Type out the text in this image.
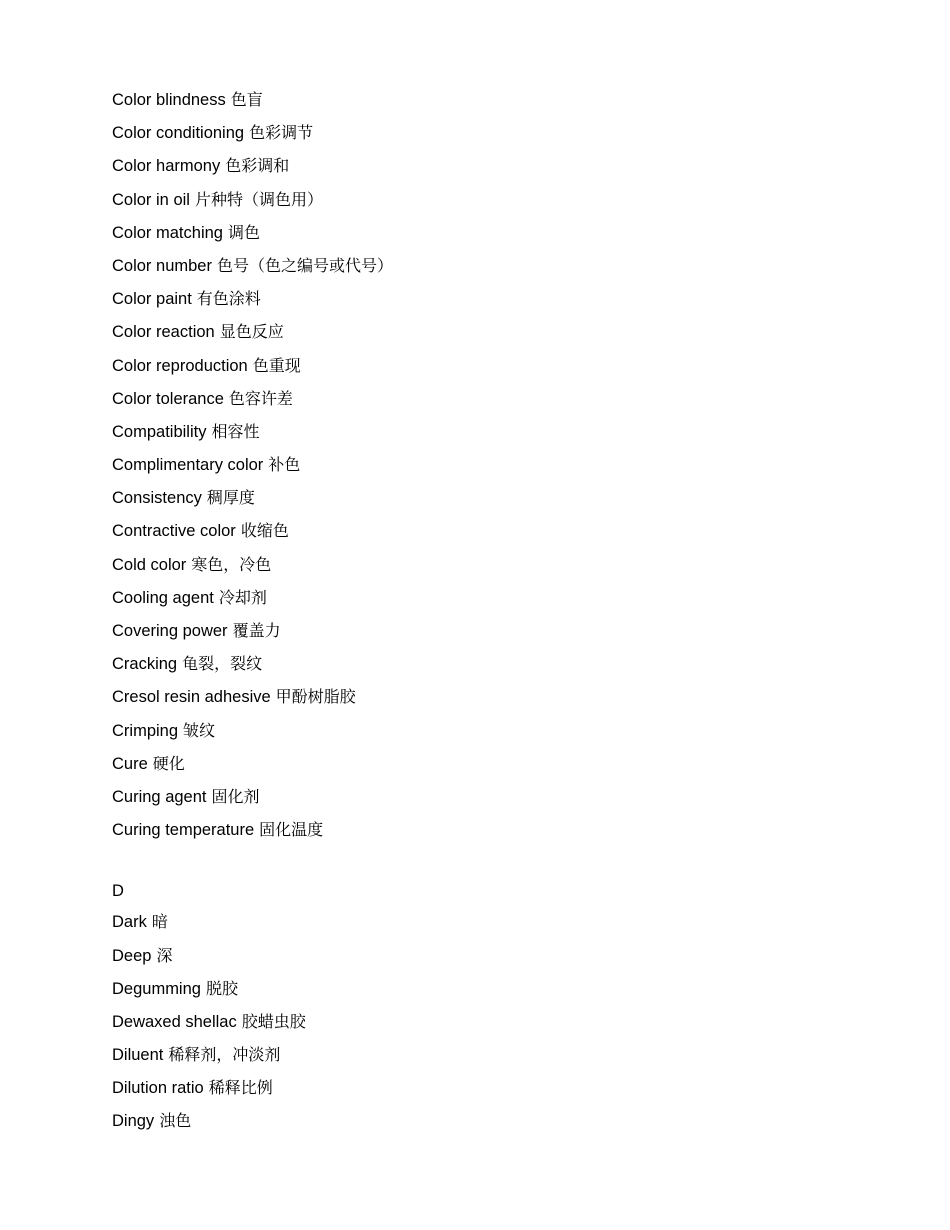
Color blindness 色盲
Color conditioning 色彩调节
Color harmony 色彩调和
Color in oil 片种特（调色用）
Color matching 调色
Color number 色号（色之编号或代号）
Color paint 有色涂料
Color reaction 显色反应
Color reproduction 色重现
Color tolerance 色容许差
Compatibility 相容性
Complimentary color 补色
Consistency 稠厚度
Contractive color 收缩色
Cold color 寒色，冷色
Cooling agent 冷却剂
Covering power 覆盖力
Cracking 龟裂，裂纹
Cresol resin adhesive 甲酚树脂胶
Crimping 皱纹
Cure 硬化
Curing agent 固化剂
Curing temperature 固化温度
D
Dark 暗
Deep 深
Degumming 脱胶
Dewaxed shellac 胶蜡虫胶
Diluent 稀释剂，冲淡剂
Dilution ratio 稀释比例
Dingy 浊色
